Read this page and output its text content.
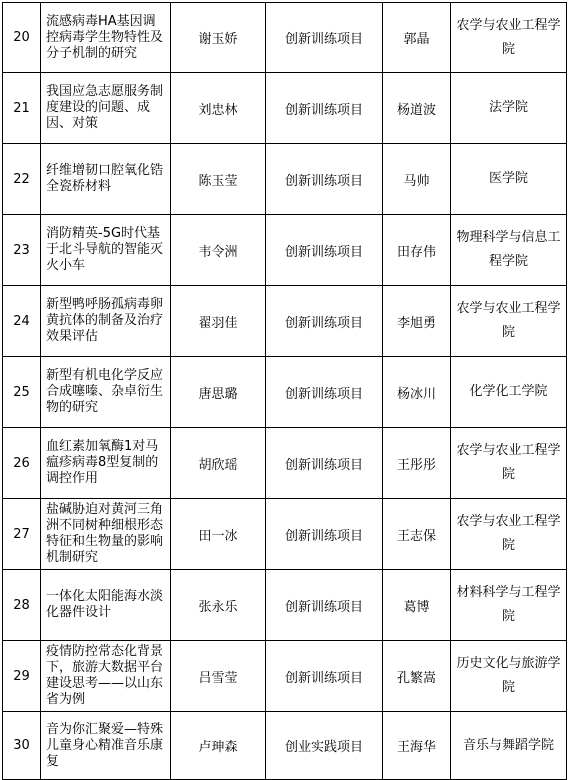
20	流感病毒HA基因调控病毒学生物特性及分子机制的研究	谢玉娇	创新训练项目	郭晶	农学与农业工程学院
21	我国应急志愿服务制度建设的问题、成因、对策	刘忠林	创新训练项目	杨道波	法学院
22	纤维增韧口腔氧化锆全瓷桥材料	陈玉莹	创新训练项目	马帅	医学院
23	消防精英-5G时代基于北斗导航的智能灭火小车	韦令洲	创新训练项目	田存伟	物理科学与信息工程学院
24	新型鸭呼肠孤病毒卵黄抗体的制备及治疗效果评估	翟羽佳	创新训练项目	李旭勇	农学与农业工程学院
25	新型有机电化学反应合成噻嗪、杂卓衍生物的研究	唐思璐	创新训练项目	杨冰川	化学化工学院
26	血红素加氧酶1对马瘟疹病毒8型复制的调控作用	胡欣瑶	创新训练项目	王彤彤	农学与农业工程学院
27	盐碱胁迫对黄河三角洲不同树种细根形态特征和生物量的影响机制研究	田一冰	创新训练项目	王志保	农学与农业工程学院
28	一体化太阳能海水淡化器件设计	张永乐	创新训练项目	葛博	材料科学与工程学院
29	疫情防控常态化背景下，旅游大数据平台建设思考——以山东省为例	吕雪莹	创新训练项目	孔繁嵩	历史文化与旅游学院
30	音为你汇聚爱—特殊儿童身心精准音乐康复	卢珅森	创业实践项目	王海华	音乐与舞蹈学院
